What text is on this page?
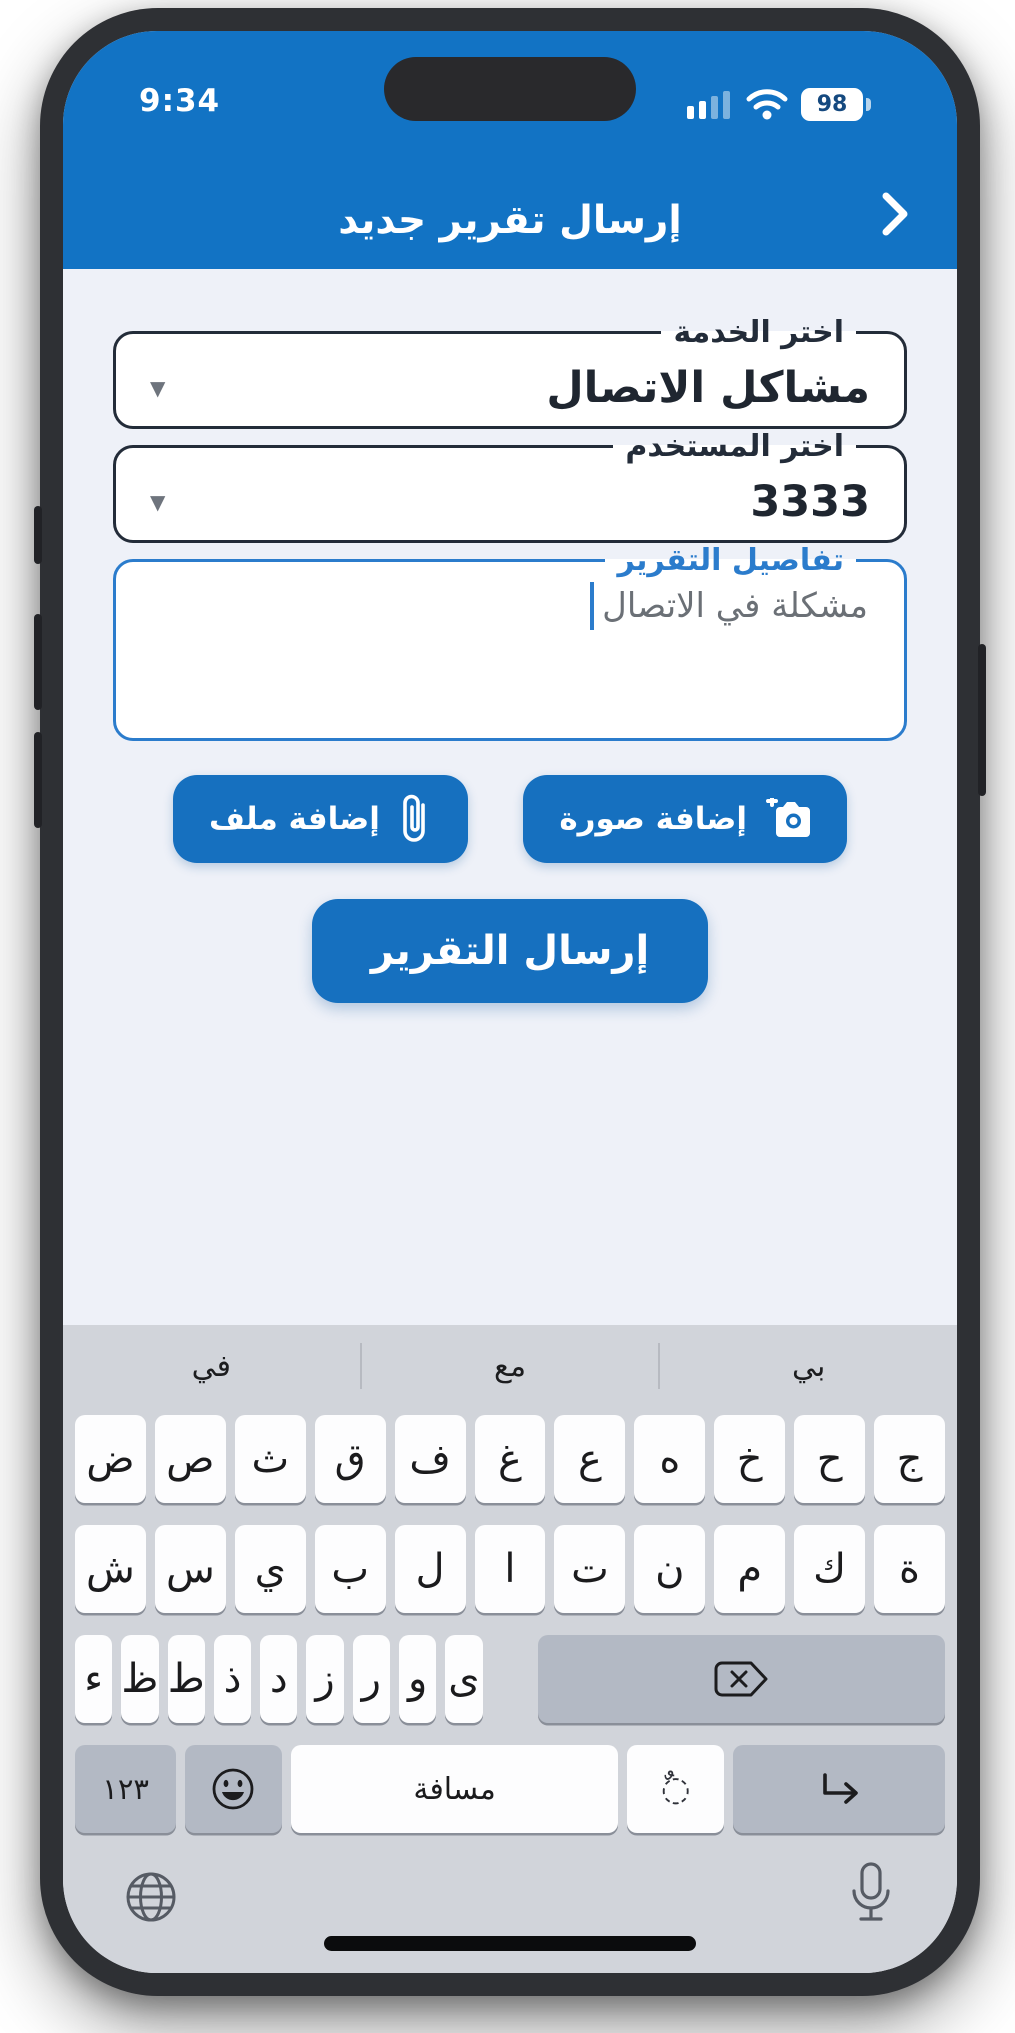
9:34	98
إرسال تقرير جديد
اختر الخدمة
مشاكل الاتصال
▼
اختر المستخدم
3333
▼
تفاصيل التقرير
مشكلة في الاتصال
إضافة صورة
إضافة ملف
إرسال التقرير
في	مع	بي
ض ص ث	ق	ف	غ	ع	ه	خ	ح	ج
ش س ي	ب	ل	ا	ت	ن	م	ك	ة
ء ظ ط ذ د ز ر و ى
١٢٣	مسافة	◌ٌ
